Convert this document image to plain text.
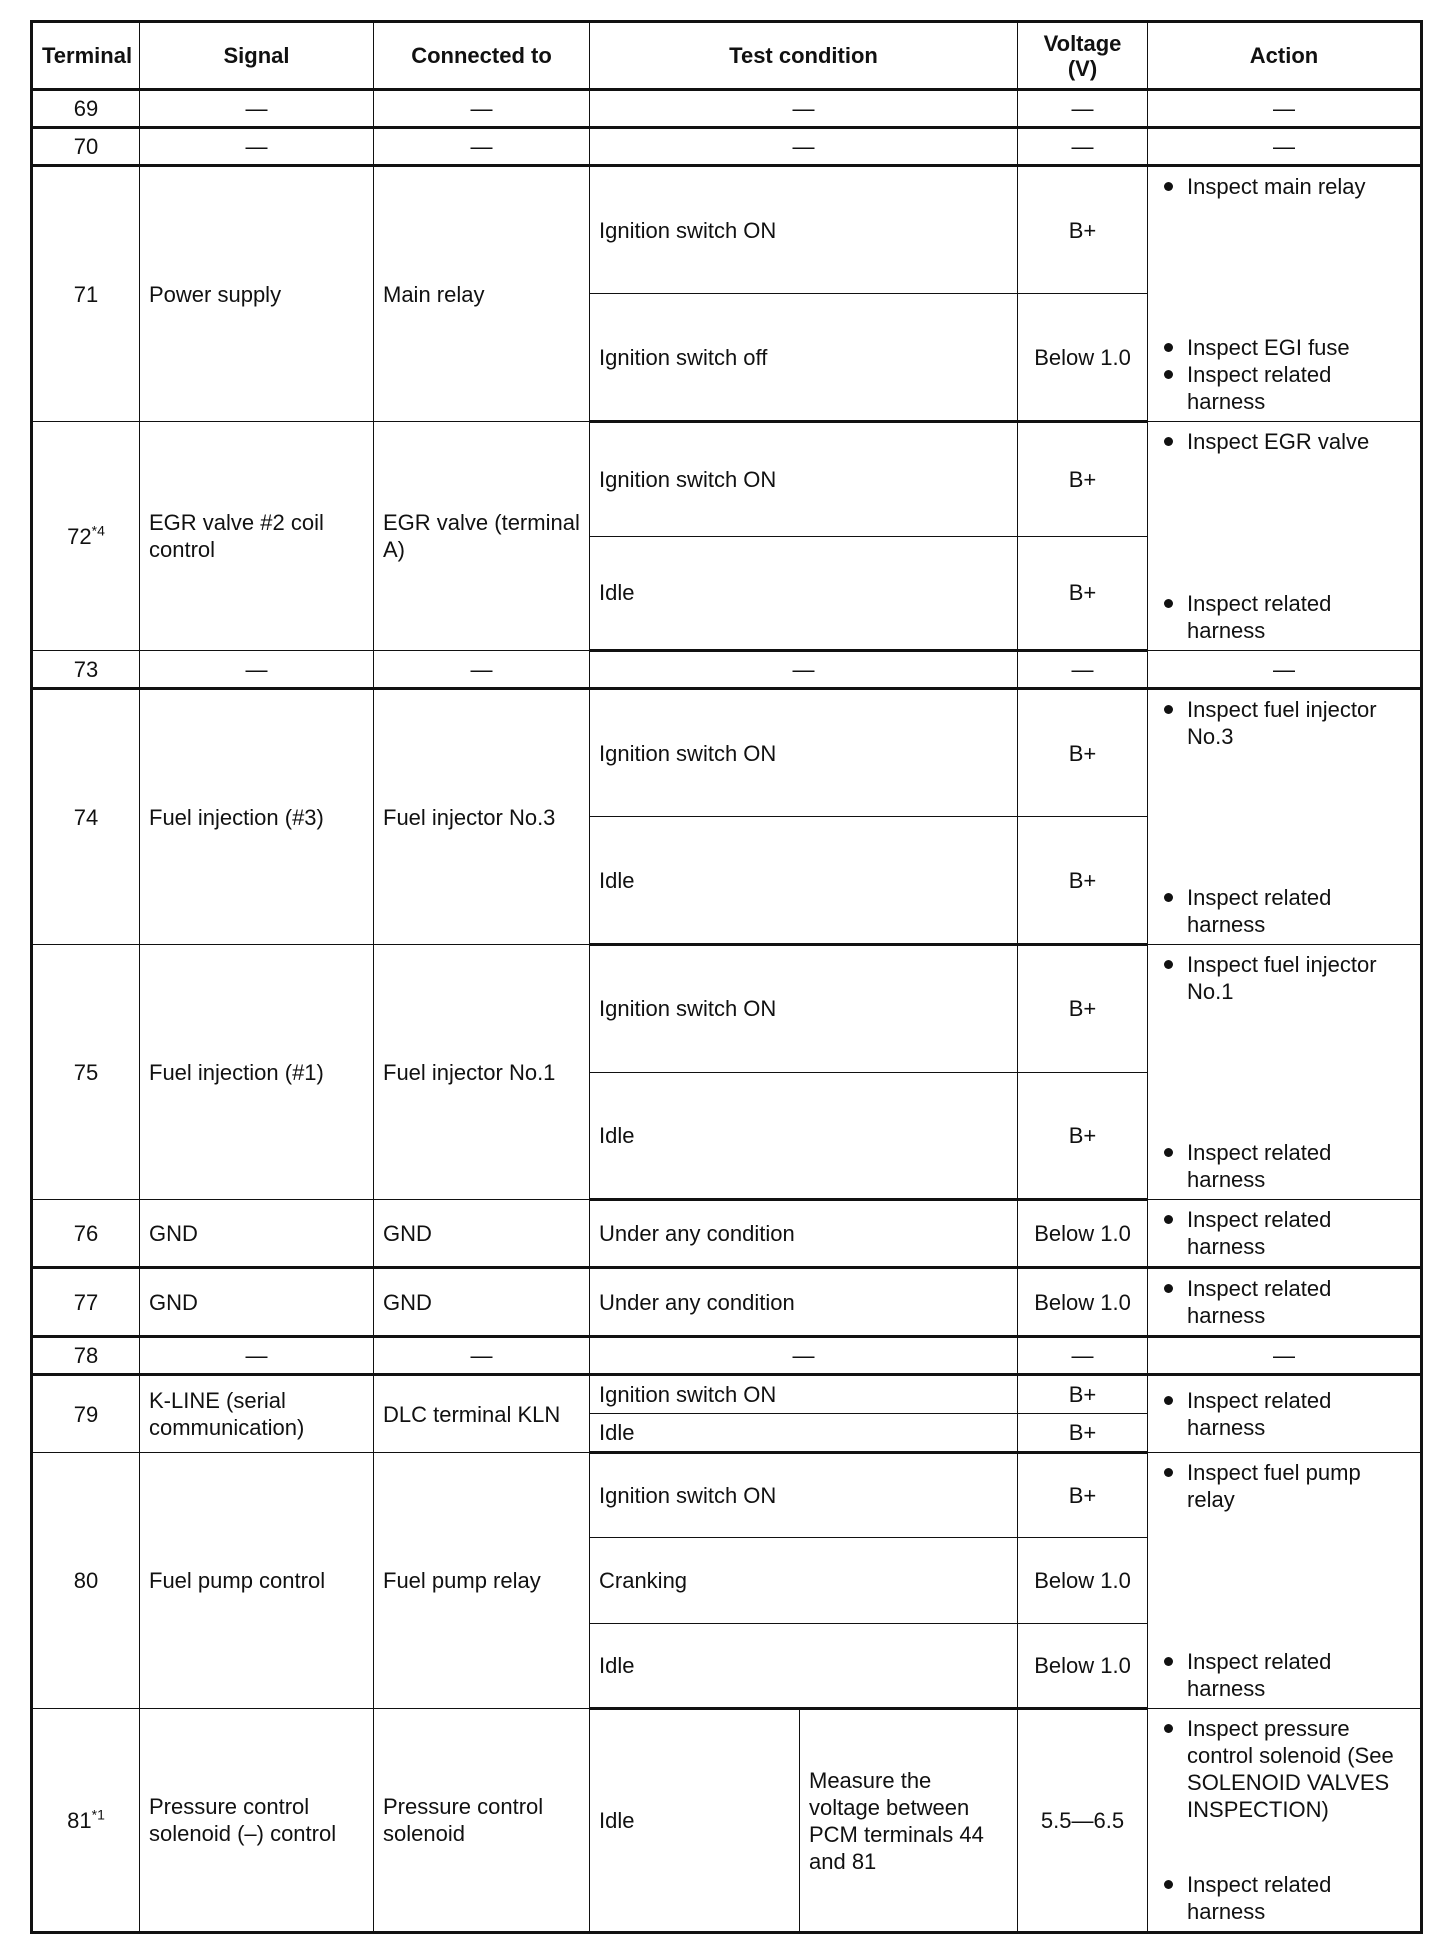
Terminal	Signal	Connected to	Test condition		Voltage (V)	Action
69	—	—	—		—	—
70	—	—	—		—	—
71	Power supply	Main relay	Ignition switch ON		B+	Inspect main relay
Inspect EGI fuse
Inspect related harness

			Ignition switch off		Below 1.0	
72$^{*4}$	EGR valve #2 coil control	EGR valve (terminal A)	Ignition switch ON		B+	Inspect EGR valve
Inspect related harness

			Idle		B+	
73	—	—	—		—	—
74	Fuel injection (#3)	Fuel injector No.3	Ignition switch ON		B+	Inspect fuel injector No.3
Inspect related harness

			Idle		B+	
75	Fuel injection (#1)	Fuel injector No.1	Ignition switch ON		B+	Inspect fuel injector No.1
Inspect related harness

			Idle		B+	
76	GND	GND	Under any condition		Below 1.0	Inspect related harness

77	GND	GND	Under any condition		Below 1.0	Inspect related harness

78	—	—	—		—	—
79	K-LINE (serial communication)	DLC terminal KLN	Ignition switch ON		B+	Inspect related harness

			Idle		B+	
80	Fuel pump control	Fuel pump relay	Ignition switch ON		B+	Inspect fuel pump relay
Inspect related harness

			Cranking		Below 1.0	
			Idle		Below 1.0	
81$^{*1}$	Pressure control solenoid (–) control	Pressure control solenoid	Idle	Measure the voltage between PCM terminals 44 and 81	5.5—6.5	Inspect pressure control solenoid (See SOLENOID VALVES INSPECTION)
Inspect related harness
